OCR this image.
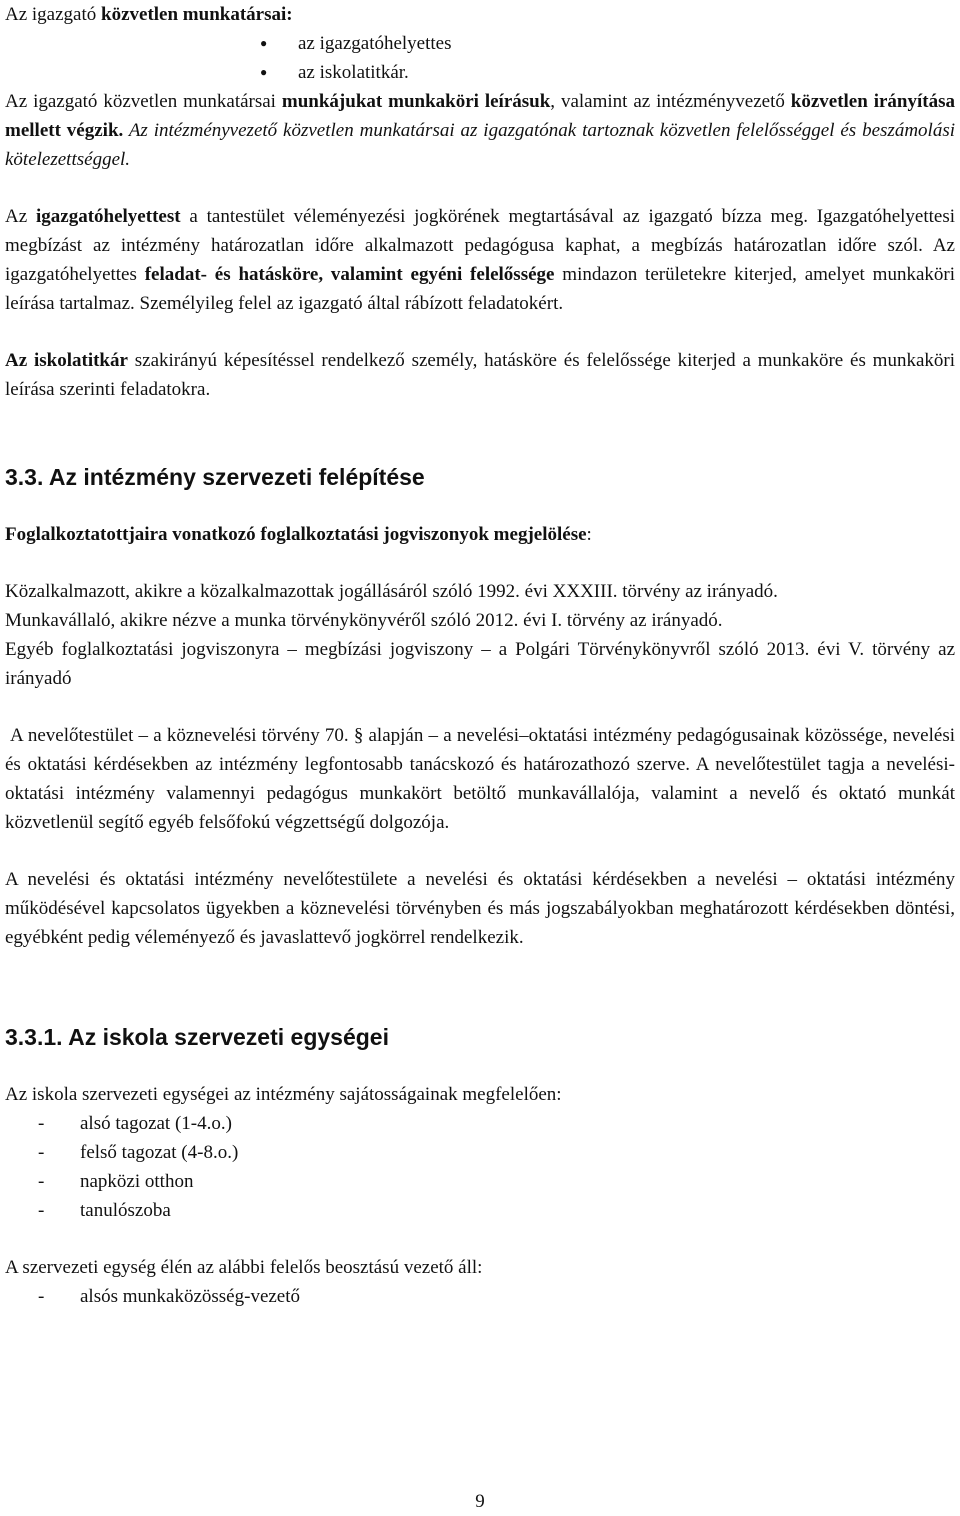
Az igazgató közvetlen munkatársai:

● az igazgatóhelyettes
● az iskolatitkár.

Az igazgató közvetlen munkatársai munkájukat munkaköri leírásuk, valamint az intézményvezető közvetlen irányítása mellett végzik. Az intézményvezető közvetlen munkatársai az igazgatónak tartoznak közvetlen felelősséggel és beszámolási kötelezettséggel.

Az igazgatóhelyettest a tantestület véleményezési jogkörének megtartásával az igazgató bízza meg. Igazgatóhelyettesi megbízást az intézmény határozatlan időre alkalmazott pedagógusa kaphat, a megbízás határozatlan időre szól. Az igazgatóhelyettes feladat- és hatásköre, valamint egyéni felelőssége mindazon területekre kiterjed, amelyet munkaköri leírása tartalmaz. Személyileg felel az igazgató által rábízott feladatokért.

Az iskolatitkár szakirányú képesítéssel rendelkező személy, hatásköre és felelőssége kiterjed a munkaköre és munkaköri leírása szerinti feladatokra.

3.3. Az intézmény szervezeti felépítése

Foglalkoztatottjaira vonatkozó foglalkoztatási jogviszonyok megjelölése:

Közalkalmazott, akikre a közalkalmazottak jogállásáról szóló 1992. évi XXXIII. törvény az irányadó.

Munkavállaló, akikre nézve a munka törvénykönyvéről szóló 2012. évi I. törvény az irányadó.

Egyéb foglalkoztatási jogviszonyra – megbízási jogviszony – a Polgári Törvénykönyvről szóló 2013. évi V. törvény az irányadó

A nevelőtestület – a köznevelési törvény 70. § alapján – a nevelési–oktatási intézmény pedagógusainak közössége, nevelési és oktatási kérdésekben az intézmény legfontosabb tanácskozó és határozathozó szerve. A nevelőtestület tagja a nevelési-oktatási intézmény valamennyi pedagógus munkakört betöltő munkavállalója, valamint a nevelő és oktató munkát közvetlenül segítő egyéb felsőfokú végzettségű dolgozója.

A nevelési és oktatási intézmény nevelőtestülete a nevelési és oktatási kérdésekben a nevelési – oktatási intézmény működésével kapcsolatos ügyekben a köznevelési törvényben és más jogszabályokban meghatározott kérdésekben döntési, egyébként pedig véleményező és javaslattevő jogkörrel rendelkezik.

3.3.1. Az iskola szervezeti egységei

Az iskola szervezeti egységei az intézmény sajátosságainak megfelelően:

- alsó tagozat (1-4.o.)
- felső tagozat (4-8.o.)
- napközi otthon
- tanulószoba

A szervezeti egység élén az alábbi felelős beosztású vezető áll:

- alsós munkaközösség-vezető
9
